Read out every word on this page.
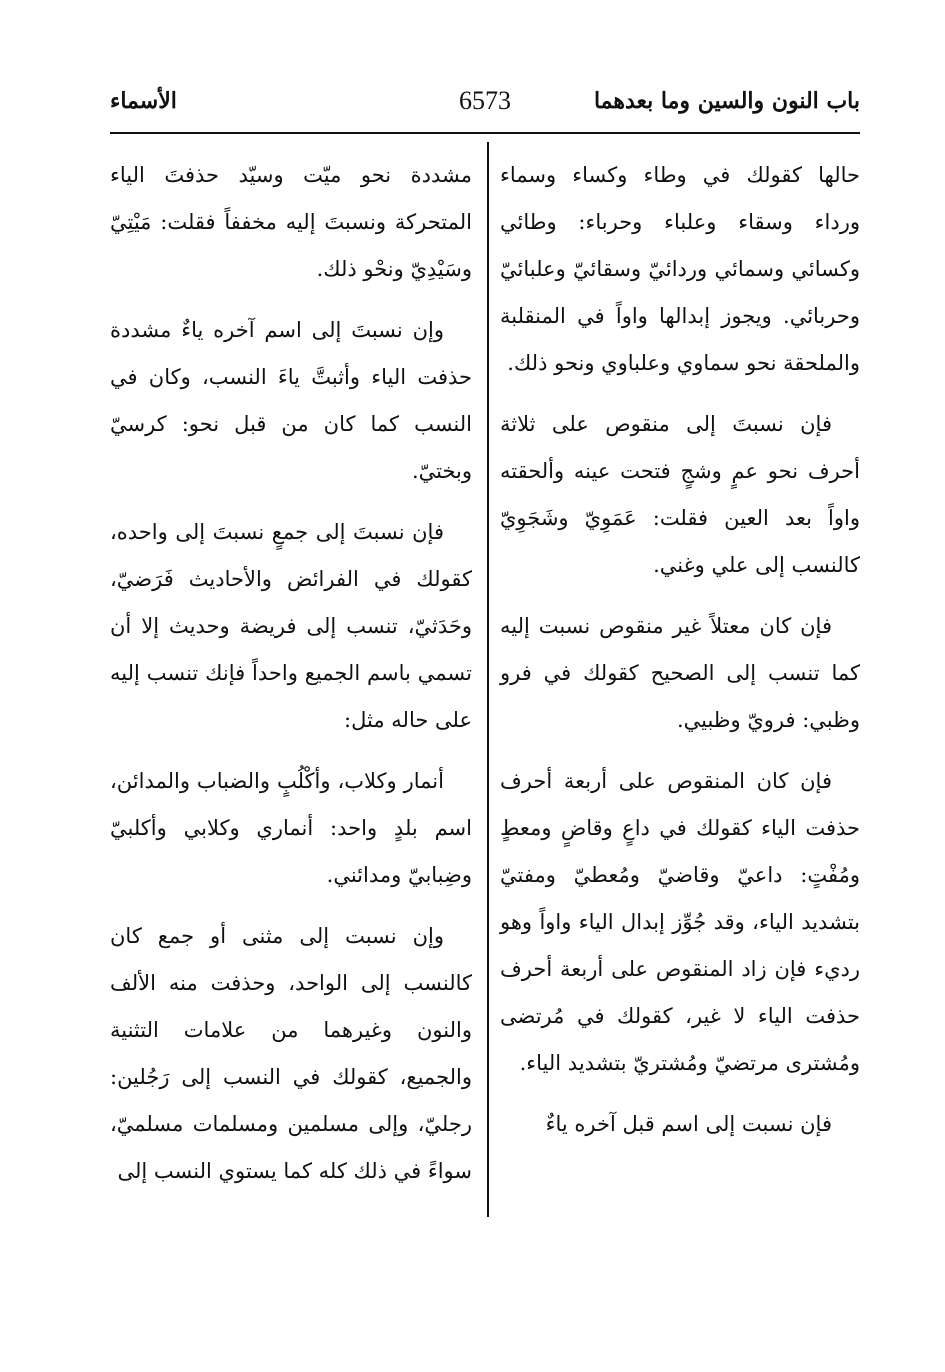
باب النون والسين وما بعدهما
6573
الأسماء

حالها كقولك في وطاء وكساء وسماء ورداء وسقاء وعلباء وحرباء: وطائي وكسائي وسمائي وردائيّ وسقائيّ وعلبائيّ وحربائي. ويجوز إبدالها واواً في المنقلبة والملحقة نحو سماوي وعلباوي ونحو ذلك.

فإن نسبتَ إلى منقوص على ثلاثة أحرف نحو عمٍ وشجٍ فتحت عينه وألحقته واواً بعد العين فقلت: عَمَوِيّ وشَجَوِيّ كالنسب إلى علي وغني.

فإن كان معتلاً غير منقوص نسبت إليه كما تنسب إلى الصحيح كقولك في فرو وظبي: فرويّ وظبيي.

فإن كان المنقوص على أربعة أحرف حذفت الياء كقولك في داعٍ وقاضٍ ومعطٍ ومُفْتٍ: داعيّ وقاضيّ ومُعطيّ ومفتيّ بتشديد الياء، وقد جُوِّز إبدال الياء واواً وهو رديء فإن زاد المنقوص على أربعة أحرف حذفت الياء لا غير، كقولك في مُرتضى ومُشترى مرتضيّ ومُشتريّ بتشديد الياء.

فإن نسبت إلى اسم قبل آخره ياءٌ

مشددة نحو ميّت وسيّد حذفتَ الياء المتحركة ونسبتَ إليه مخففاً فقلت: مَيْتِيّ وسَيْدِيّ ونحْو ذلك.

وإن نسبتَ إلى اسم آخره ياءٌ مشددة حذفت الياء وأثبتَّ ياءَ النسب، وكان في النسب كما كان من قبل نحو: كرسيّ وبختيّ.

فإن نسبتَ إلى جمعٍ نسبتَ إلى واحده، كقولك في الفرائض والأحاديث فَرَضيّ، وحَدَثيّ، تنسب إلى فريضة وحديث إلا أن تسمي باسم الجميع واحداً فإنك تنسب إليه على حاله مثل:

أنمار وكلاب، وأكْلُبٍ والضباب والمدائن، اسم بلدٍ واحد: أنماري وكلابي وأكلبيّ وضِبابيّ ومدائني.

وإن نسبت إلى مثنى أو جمع كان كالنسب إلى الواحد، وحذفت منه الألف والنون وغيرهما من علامات التثنية والجميع، كقولك في النسب إلى رَجُلين: رجليّ، وإلى مسلمين ومسلمات مسلميّ، سواءً في ذلك كله كما يستوي النسب إلى
